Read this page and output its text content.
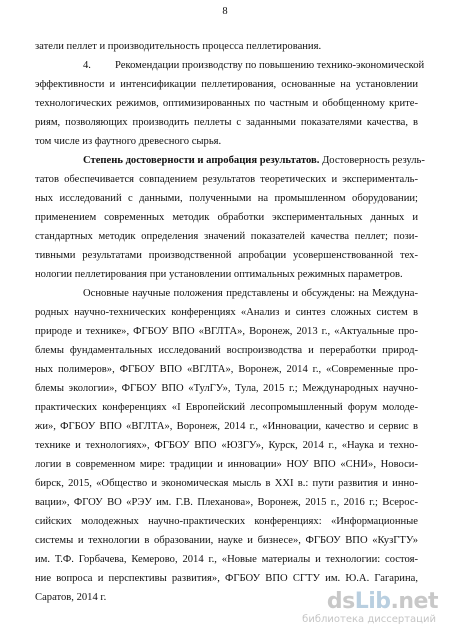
8
затели пеллет и производительность процесса пеллетирования.
4.	Рекомендации производству по повышению технико-экономической
эффективности и интенсификации пеллетирования, основанные на установлении
технологических режимов, оптимизированных по частным и обобщенному крите-
риям, позволяющих производить пеллеты с заданными показателями качества, в
том числе из фаутного древесного сырья.
Степень достоверности и апробация результатов. Достоверность резуль-
татов обеспечивается совпадением результатов теоретических и эксперименталь-
ных исследований с данными, полученными на промышленном оборудовании;
применением современных методик обработки экспериментальных данных и
стандартных методик определения значений показателей качества пеллет; пози-
тивными результатами производственной апробации усовершенствованной тех-
нологии пеллетирования при установлении оптимальных режимных параметров.
Основные научные положения представлены и обсуждены: на Междуна-
родных научно-технических конференциях «Анализ и синтез сложных систем в
природе и технике», ФГБОУ ВПО «ВГЛТА», Воронеж, 2013 г., «Актуальные про-
блемы фундаментальных исследований воспроизводства и переработки природ-
ных полимеров», ФГБОУ ВПО «ВГЛТА», Воронеж, 2014 г., «Современные про-
блемы экологии», ФГБОУ ВПО «ТулГУ», Тула, 2015 г.; Международных научно-
практических конференциях «I Европейский лесопромышленный форум молоде-
жи», ФГБОУ ВПО «ВГЛТА», Воронеж, 2014 г., «Инновации, качество и сервис в
технике и технологиях», ФГБОУ ВПО «ЮЗГУ», Курск, 2014 г., «Наука и техно-
логии в современном мире: традиции и инновации» НОУ ВПО «СНИ», Новоси-
бирск, 2015, «Общество и экономическая мысль в XXI в.: пути развития и инно-
вации», ФГОУ ВО «РЭУ им. Г.В. Плеханова», Воронеж, 2015 г., 2016 г.; Всерос-
сийских молодежных научно-практических конференциях: «Информационные
системы и технологии в образовании, науке и бизнесе», ФГБОУ ВПО «КузГТУ»
им. Т.Ф. Горбачева, Кемерово, 2014 г., «Новые материалы и технологии: состоя-
ние вопроса и перспективы развития», ФГБОУ ВПО СГТУ им. Ю.А. Гагарина,
Саратов, 2014 г.	dsLib.net
библиотека диссертаций
